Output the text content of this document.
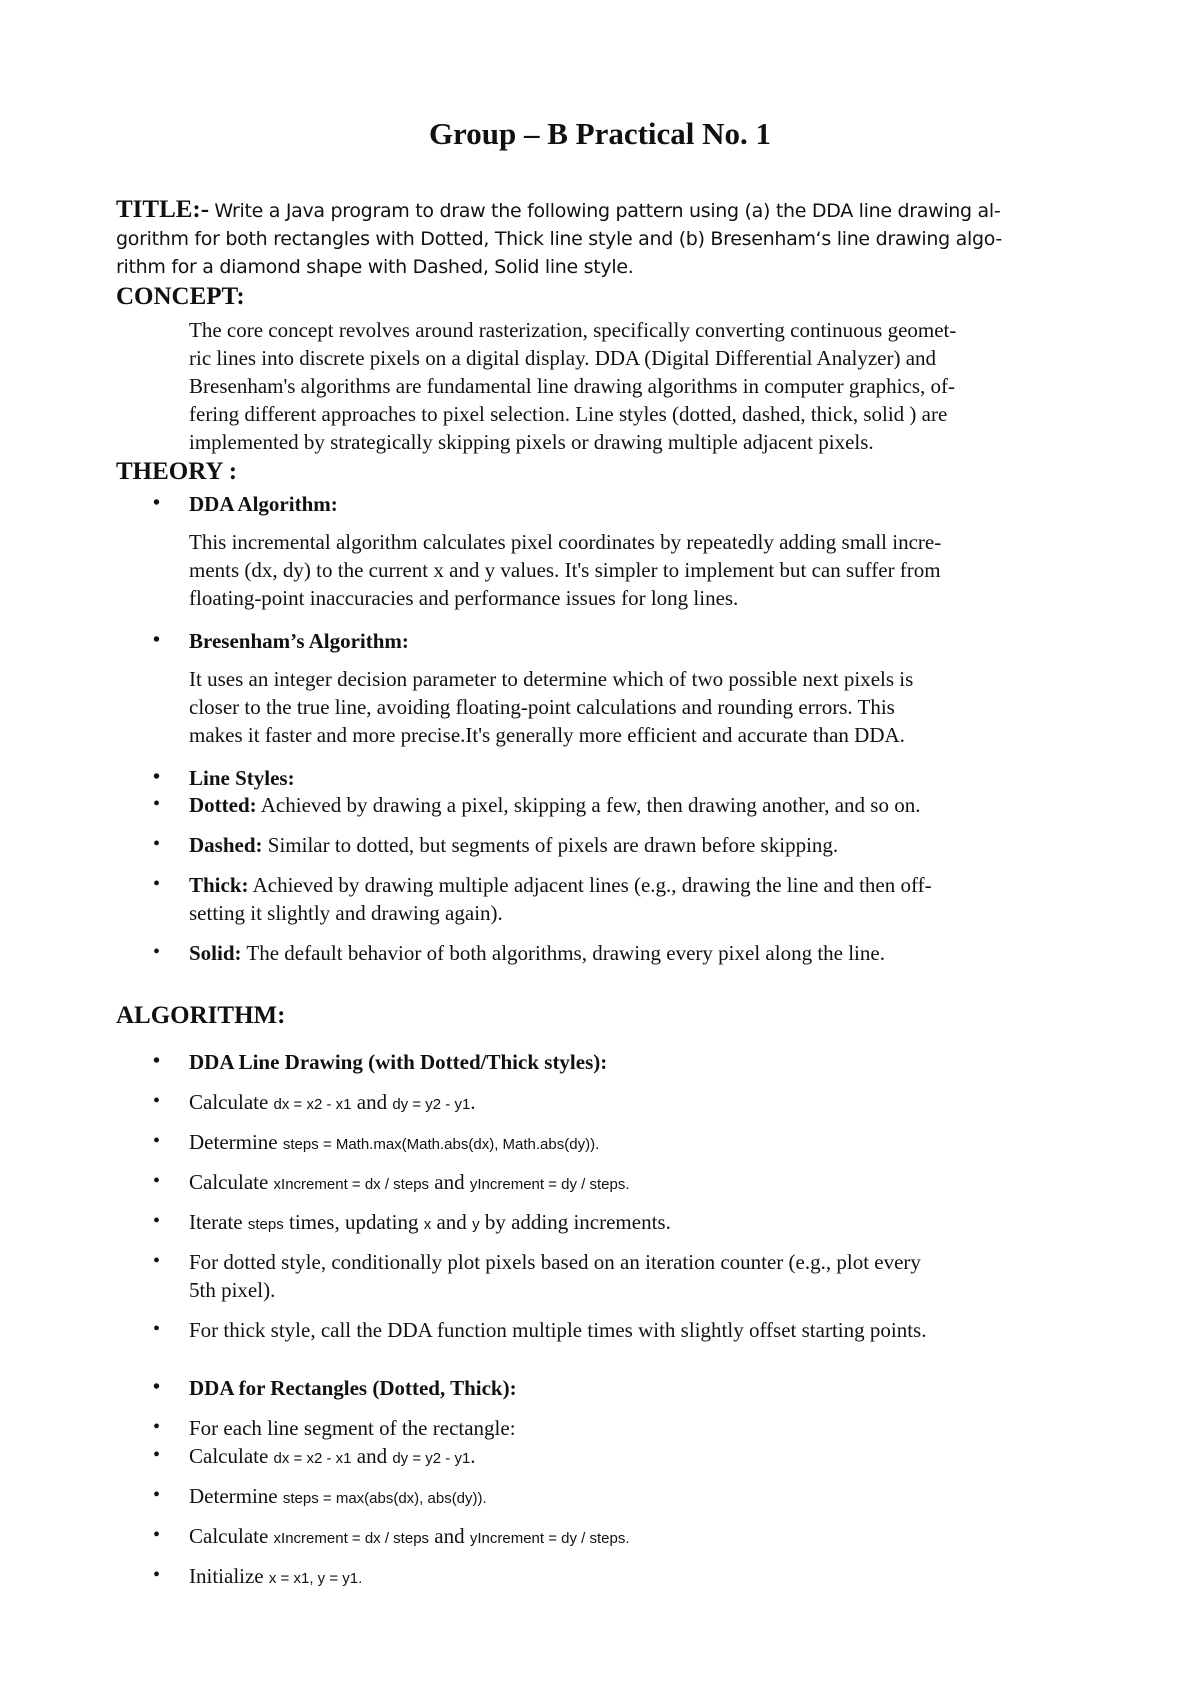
Group – B Practical No. 1
TITLE:- Write a Java program to draw the following pattern using (a) the DDA line drawing al-
gorithm for both rectangles with Dotted, Thick line style and (b) Bresenham‘s line drawing algo-
rithm for a diamond shape with Dashed, Solid line style.
CONCEPT:
The core concept revolves around rasterization, specifically converting continuous geomet-
ric lines into discrete pixels on a digital display. DDA (Digital Differential Analyzer) and
Bresenham's algorithms are fundamental line drawing algorithms in computer graphics, of-
fering different approaches to pixel selection. Line styles (dotted, dashed, thick, solid ) are
implemented by strategically skipping pixels or drawing multiple adjacent pixels.
THEORY :
• DDA Algorithm:
This incremental algorithm calculates pixel coordinates by repeatedly adding small incre-
ments (dx, dy) to the current x and y values. It's simpler to implement but can suffer from
floating-point inaccuracies and performance issues for long lines.
• Bresenham’s Algorithm:
It uses an integer decision parameter to determine which of two possible next pixels is
closer to the true line, avoiding floating-point calculations and rounding errors. This
makes it faster and more precise.It's generally more efficient and accurate than DDA.
• Line Styles:
• Dotted: Achieved by drawing a pixel, skipping a few, then drawing another, and so on.
• Dashed: Similar to dotted, but segments of pixels are drawn before skipping.
• Thick: Achieved by drawing multiple adjacent lines (e.g., drawing the line and then off-
setting it slightly and drawing again).
• Solid: The default behavior of both algorithms, drawing every pixel along the line.
ALGORITHM:
• DDA Line Drawing (with Dotted/Thick styles):
• Calculate dx = x2 - x1 and dy = y2 - y1.
• Determine steps = Math.max(Math.abs(dx), Math.abs(dy)).
• Calculate xIncrement = dx / steps and yIncrement = dy / steps.
• Iterate steps times, updating x and y by adding increments.
• For dotted style, conditionally plot pixels based on an iteration counter (e.g., plot every
5th pixel).
• For thick style, call the DDA function multiple times with slightly offset starting points.
• DDA for Rectangles (Dotted, Thick):
• For each line segment of the rectangle:
• Calculate dx = x2 - x1 and dy = y2 - y1.
• Determine steps = max(abs(dx), abs(dy)).
• Calculate xIncrement = dx / steps and yIncrement = dy / steps.
• Initialize x = x1, y = y1.
